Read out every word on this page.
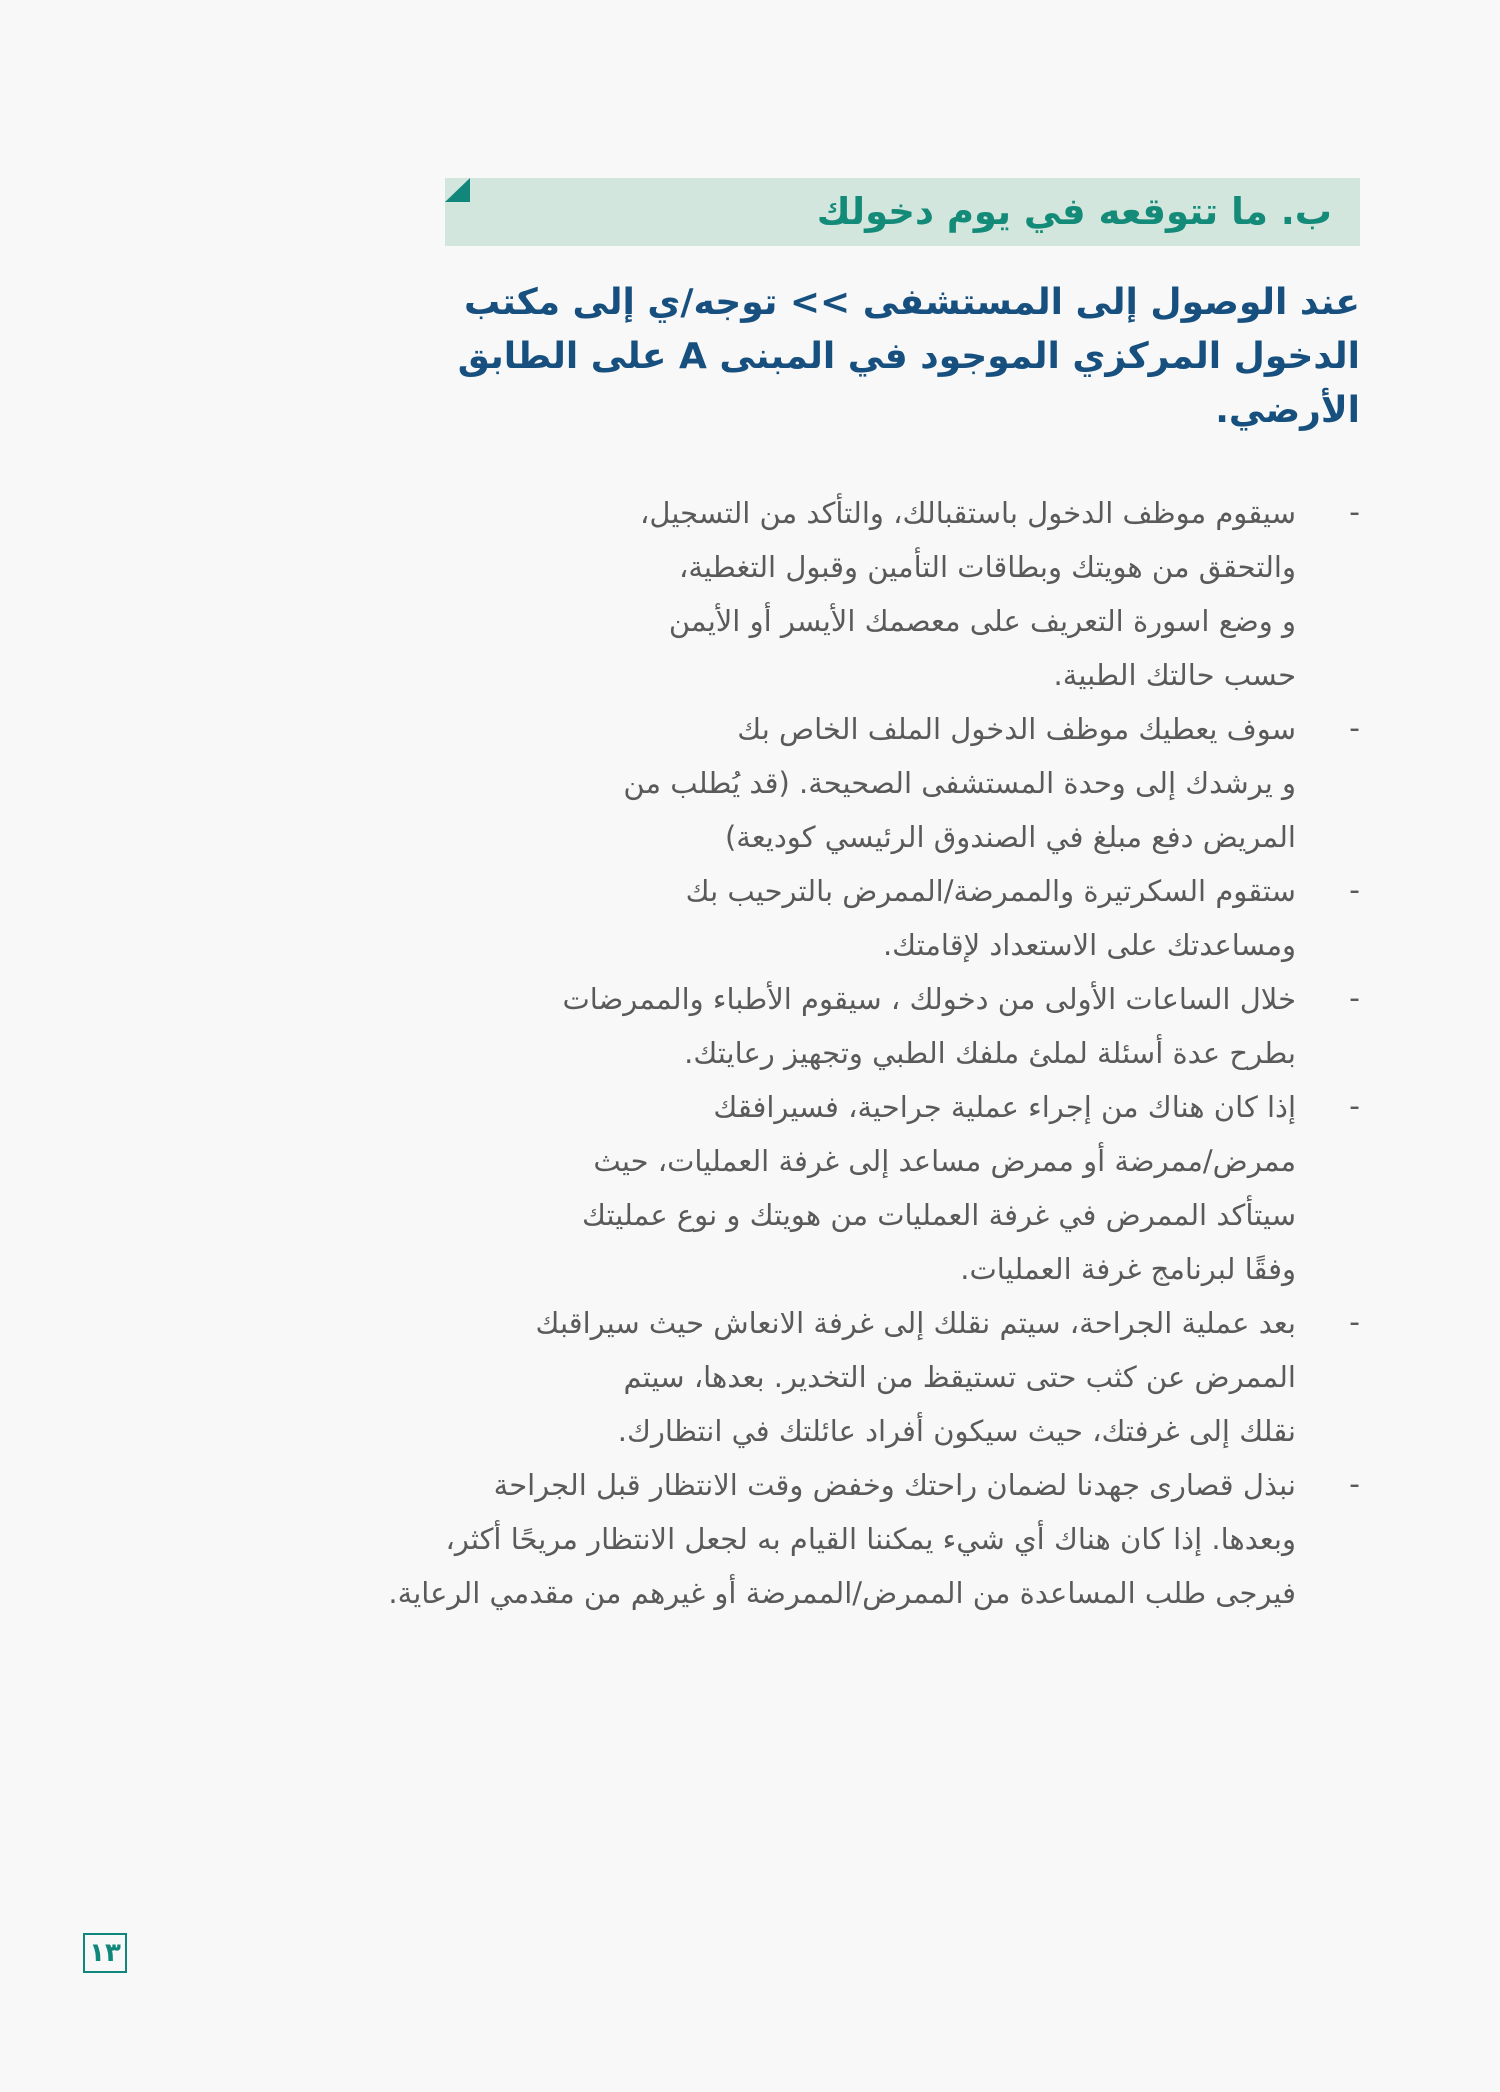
ب. ما تتوقعه في يوم دخولك
عند الوصول إلى المستشفى >> توجه/ي إلى مكتب
الدخول المركزي الموجود في المبنى A على الطابق
الأرضي.
-
سيقوم موظف الدخول باستقبالك، والتأكد من التسجيل،
والتحقق من هويتك وبطاقات التأمين وقبول التغطية،
و وضع اسورة التعريف على معصمك الأيسر أو الأيمن
حسب حالتك الطبية.
-
سوف يعطيك موظف الدخول الملف الخاص بك
و يرشدك إلى وحدة المستشفى الصحيحة. (قد يُطلب من
المريض دفع مبلغ في الصندوق الرئيسي كوديعة)
-
ستقوم السكرتيرة والممرضة/الممرض بالترحيب بك
ومساعدتك على الاستعداد لإقامتك.
-
خلال الساعات الأولى من دخولك ، سيقوم الأطباء والممرضات
بطرح عدة أسئلة لملئ ملفك الطبي وتجهيز رعايتك.
-
إذا كان هناك من إجراء عملية جراحية، فسيرافقك
ممرض/ممرضة أو ممرض مساعد إلى غرفة العمليات، حيث
سيتأكد الممرض في غرفة العمليات من هويتك و نوع عمليتك
وفقًا لبرنامج غرفة العمليات.
-
بعد عملية الجراحة، سيتم نقلك إلى غرفة الانعاش حيث سيراقبك
الممرض عن كثب حتى تستيقظ من التخدير. بعدها، سيتم
نقلك إلى غرفتك، حيث سيكون أفراد عائلتك في انتظارك.
-
نبذل قصارى جهدنا لضمان راحتك وخفض وقت الانتظار قبل الجراحة
وبعدها. إذا كان هناك أي شيء يمكننا القيام به لجعل الانتظار مريحًا أكثر،
فيرجى طلب المساعدة من الممرض/الممرضة أو غيرهم من مقدمي الرعاية.
١٣
